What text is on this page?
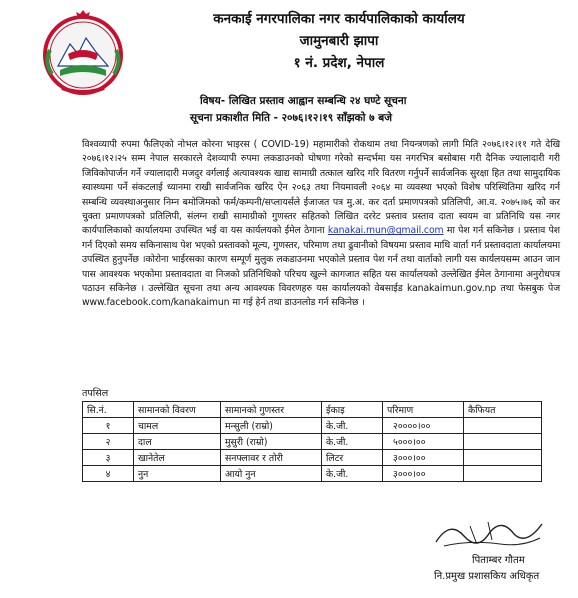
कनकाई नगरपालिका नगर कार्यपालिकाको कार्यालय
जामुनबारी झापा
१ नं. प्रदेश, नेपाल
विषय- लिखित प्रस्ताव आह्वान सम्बन्धि २४ घण्टे सूचना
सूचना प्रकाशीत मिति - २०७६।१२।१९ साँझको ७ बजे
विश्वव्यापी रुपमा फैलिएको नोभल कोरना भाइरस ( COVID-19) महामारीको रोकथाम तथा नियन्त्रणको लागी मिति २०७६।१२।११ गते देखि २०७६।१२।२५ सम्म नेपाल सरकारले देशव्यापी रुपमा लकडाउनको घोषणा गरेको सन्दर्भमा यस नगरभित्र बसोबास गरी दैनिक ज्यालादारी गरी जिविकोपार्जन गर्ने ज्यालादारी मजदुर वर्गलाई अत्यावश्यक खाद्य सामाग्री तत्काल खरिद गरि वितरण गर्नुपर्ने सार्वजनिक सुरक्षा हित तथा सामुदायिक स्वास्थ्यमा पर्ने संकटलाई ध्यानमा राखी सार्वजनिक खरिद ऐन २०६३ तथा नियमावली २०६४ मा व्यवस्था भएको विशेष परिस्थितिमा खरिद गर्न सम्बन्धि व्यवस्थाअनुसार निम्न बमोजिमको फर्म/कम्पनी/सप्लायर्सले ईजाजत पत्र मु.अ. कर दर्ता प्रमाणपत्रको प्रतिलिपी, आ.व. २०७५।७६ को कर चुक्ता प्रमाणपत्रको प्रतिलिपी, संलग्न राखी सामाग्रीको गुणस्तर सहितको लिखित दररेट प्रस्ताव प्रस्ताव दाता स्वयम वा प्रतिनिधि यस नगर कार्यपालिकाको कार्यालयमा उपस्थित भई वा यस कार्यलयको ईमेल ठेगाना kanakai.mun@gmail.com मा पेश गर्न सकिनेछ । प्रस्ताव पेश गर्न दिएको समय सकिनासाथ पेश भएको प्रस्तावको मूल्य, गुणस्तर, परिमाण तथा ढुवानीको विषयमा प्रस्ताव माथि वार्ता गर्न प्रस्तावदाता कार्यालयमा उपस्थित हुनुपर्नेछ ।कोरोना भाईरसका कारण सम्पूर्ण मुलुक लकडाउनमा भएकोले प्रस्ताव पेश गर्न तथा वार्ताको लागी यस कार्यलयसम्म आउन जान पास आवश्यक भएकोमा प्रस्तावदाता वा निजको प्रतिनिधिको परिचय खुल्ने कागजात सहित यस कार्यालयको उल्लेखित ईमेल ठेगानामा अनुरोधपत्र पठाउन सकिनेछ । उल्लेखित सूचना तथा अन्य आवश्यक विवरणहरु यस कार्यालयको वेबसाईड kanakaimun.gov.np तथा फेसबुक पेज www.facebook.com/kanakaimun मा गई हेर्न तथा डाउनलोड गर्न सकिनेछ ।
तपसिल
सि.नं.	सामानको विवरण	सामानको गुणस्तर	ईकाइ	परिमाण	कैफियत
१	चामल	मन्सुली (राम्रो)	के.जी.	२००००।००	
२	दाल	मुसुरी (राम्रो)	के.जी.	५०००।००	
३	खानेतेल	सनफ्लावर र तोरी	लिटर	३०००।००	
४	नुन	आयो नुन	के.जी.	३०००।००	
पिताम्बर गौतम
नि.प्रमुख प्रशासकिय अधिकृत
